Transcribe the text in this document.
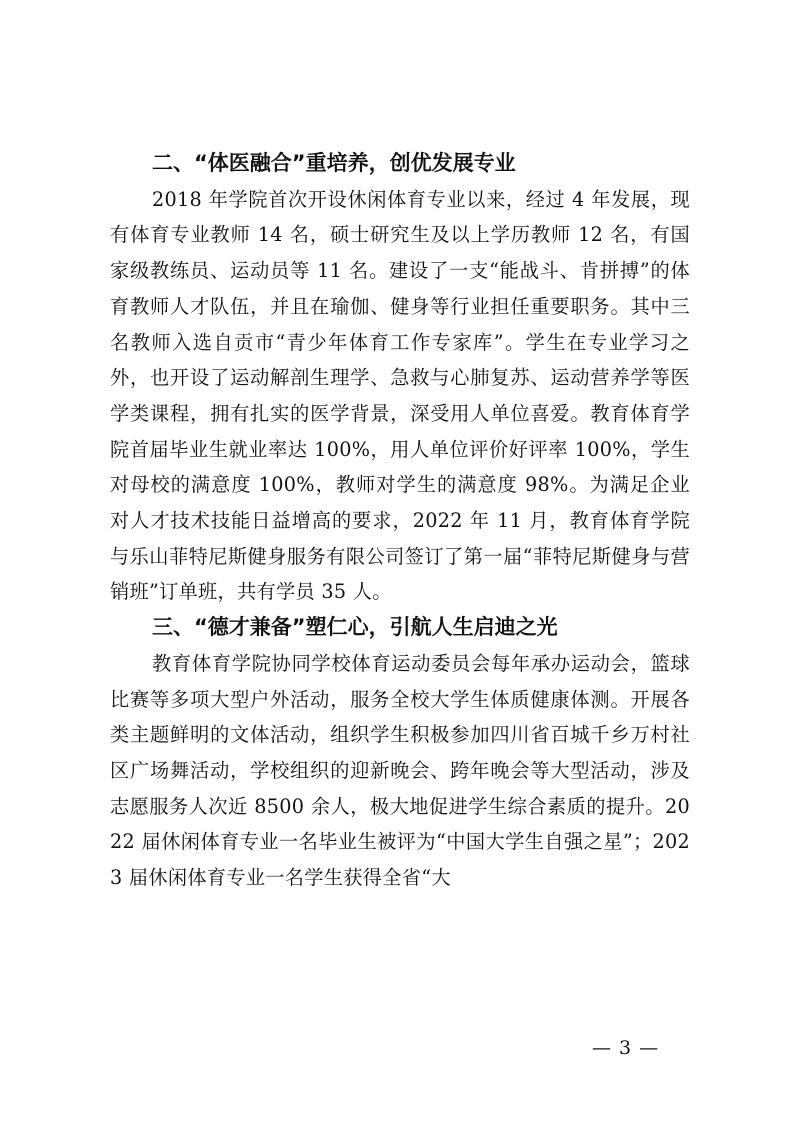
二、“体医融合”重培养，创优发展专业

2018 年学院首次开设休闲体育专业以来，经过 4 年发展，现有体育专业教师 14 名，硕士研究生及以上学历教师 12 名，有国家级教练员、运动员等 11 名。建设了一支“能战斗、肯拼搏”的体育教师人才队伍，并且在瑜伽、健身等行业担任重要职务。其中三名教师入选自贡市“青少年体育工作专家库”。学生在专业学习之外，也开设了运动解剖生理学、急救与心肺复苏、运动营养学等医学类课程，拥有扎实的医学背景，深受用人单位喜爱。教育体育学院首届毕业生就业率达 100%，用人单位评价好评率 100%，学生对母校的满意度 100%，教师对学生的满意度 98%。为满足企业对人才技术技能日益增高的要求，2022 年 11 月，教育体育学院与乐山菲特尼斯健身服务有限公司签订了第一届“菲特尼斯健身与营销班”订单班，共有学员 35 人。

三、“德才兼备”塑仁心，引航人生启迪之光

教育体育学院协同学校体育运动委员会每年承办运动会，篮球比赛等多项大型户外活动，服务全校大学生体质健康体测。开展各类主题鲜明的文体活动，组织学生积极参加四川省百城千乡万村社区广场舞活动，学校组织的迎新晚会、跨年晚会等大型活动，涉及志愿服务人次近 8500 余人，极大地促进学生综合素质的提升。2022 届休闲体育专业一名毕业生被评为“中国大学生自强之星”；2023 届休闲体育专业一名学生获得全省“大

— 3 —
